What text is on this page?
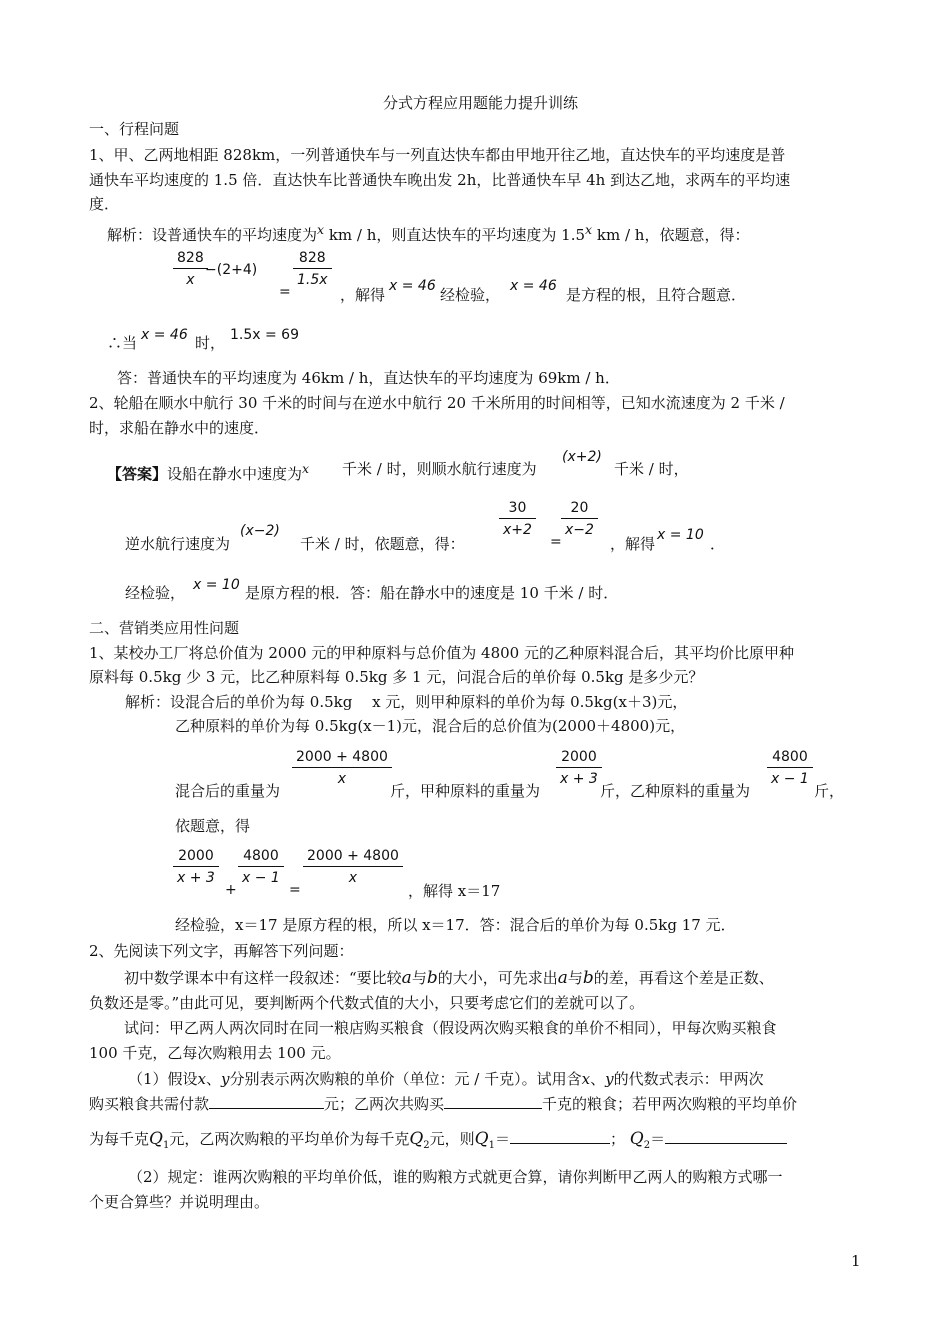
分式方程应用题能力提升训练
一、行程问题
1、甲、乙两地相距 828km，一列普通快车与一列直达快车都由甲地开往乙地，直达快车的平均速度是普
通快车平均速度的 1.5 倍．直达快车比普通快车晚出发 2h，比普通快车早 4h 到达乙地，求两车的平均速
度．
解析：设普通快车的平均速度为$^x$ km / h，则直达快车的平均速度为 1.5$^x$ km / h，依题意，得：
828
x
−(2+4)
=
828
1.5x
，解得 x = 46 经检验， x = 46 是方程的根，且符合题意．
∴当 x = 46 时， 1.5x = 69
答：普通快车的平均速度为 46km / h，直达快车的平均速度为 69km / h．
2、轮船在顺水中航行 30 千米的时间与在逆水中航行 20 千米所用的时间相等，已知水流速度为 2 千米 /
时，求船在静水中的速度．
【答案】设船在静水中速度为$^x$ 千米 / 时，则顺水航行速度为
(x+2)
千米 / 时，
逆水航行速度为
(x−2)
千米 / 时，依题意，得：
30
x+2
=
20
x−2
，解得 x = 10 ．
经检验， x = 10 是原方程的根．答：船在静水中的速度是 10 千米 / 时．
二、营销类应用性问题
1、某校办工厂将总价值为 2000 元的甲种原料与总价值为 4800 元的乙种原料混合后，其平均价比原甲种
原料每 0.5kg 少 3 元，比乙种原料每 0.5kg 多 1 元，问混合后的单价每 0.5kg 是多少元？
解析：设混合后的单价为每 0.5kg　 x 元，则甲种原料的单价为每 0.5kg(x＋3)元，
乙种原料的单价为每 0.5kg(x－1)元，混合后的总价值为(2000＋4800)元，
混合后的重量为
2000 + 4800
x
斤，甲种原料的重量为
2000
x + 3
斤，乙种原料的重量为
4800
x − 1
斤，
依题意，得
2000
x + 3
+
4800
x − 1
=
2000 + 4800
x
，解得 x＝17
经检验，x＝17 是原方程的根，所以 x＝17．答：混合后的单价为每 0.5kg 17 元．
2、先阅读下列文字，再解答下列问题：
初中数学课本中有这样一段叙述：“要比较a与b的大小，可先求出a与b的差，再看这个差是正数、
负数还是零。”由此可见，要判断两个代数式值的大小，只要考虑它们的差就可以了。
试问：甲乙两人两次同时在同一粮店购买粮食（假设两次购买粮食的单价不相同），甲每次购买粮食
100 千克，乙每次购粮用去 100 元。
（1）假设x、y分别表示两次购粮的单价（单位：元 / 千克）。试用含x、y的代数式表示：甲两次
购买粮食共需付款	元；乙两次共购买	千克的粮食；若甲两次购粮的平均单价
为每千克$Q_1$元，乙两次购粮的平均单价为每千克$Q_2$元，则$Q_1=$	； $Q_2=$
（2）规定：谁两次购粮的平均单价低，谁的购粮方式就更合算，请你判断甲乙两人的购粮方式哪一
个更合算些？并说明理由。
1
